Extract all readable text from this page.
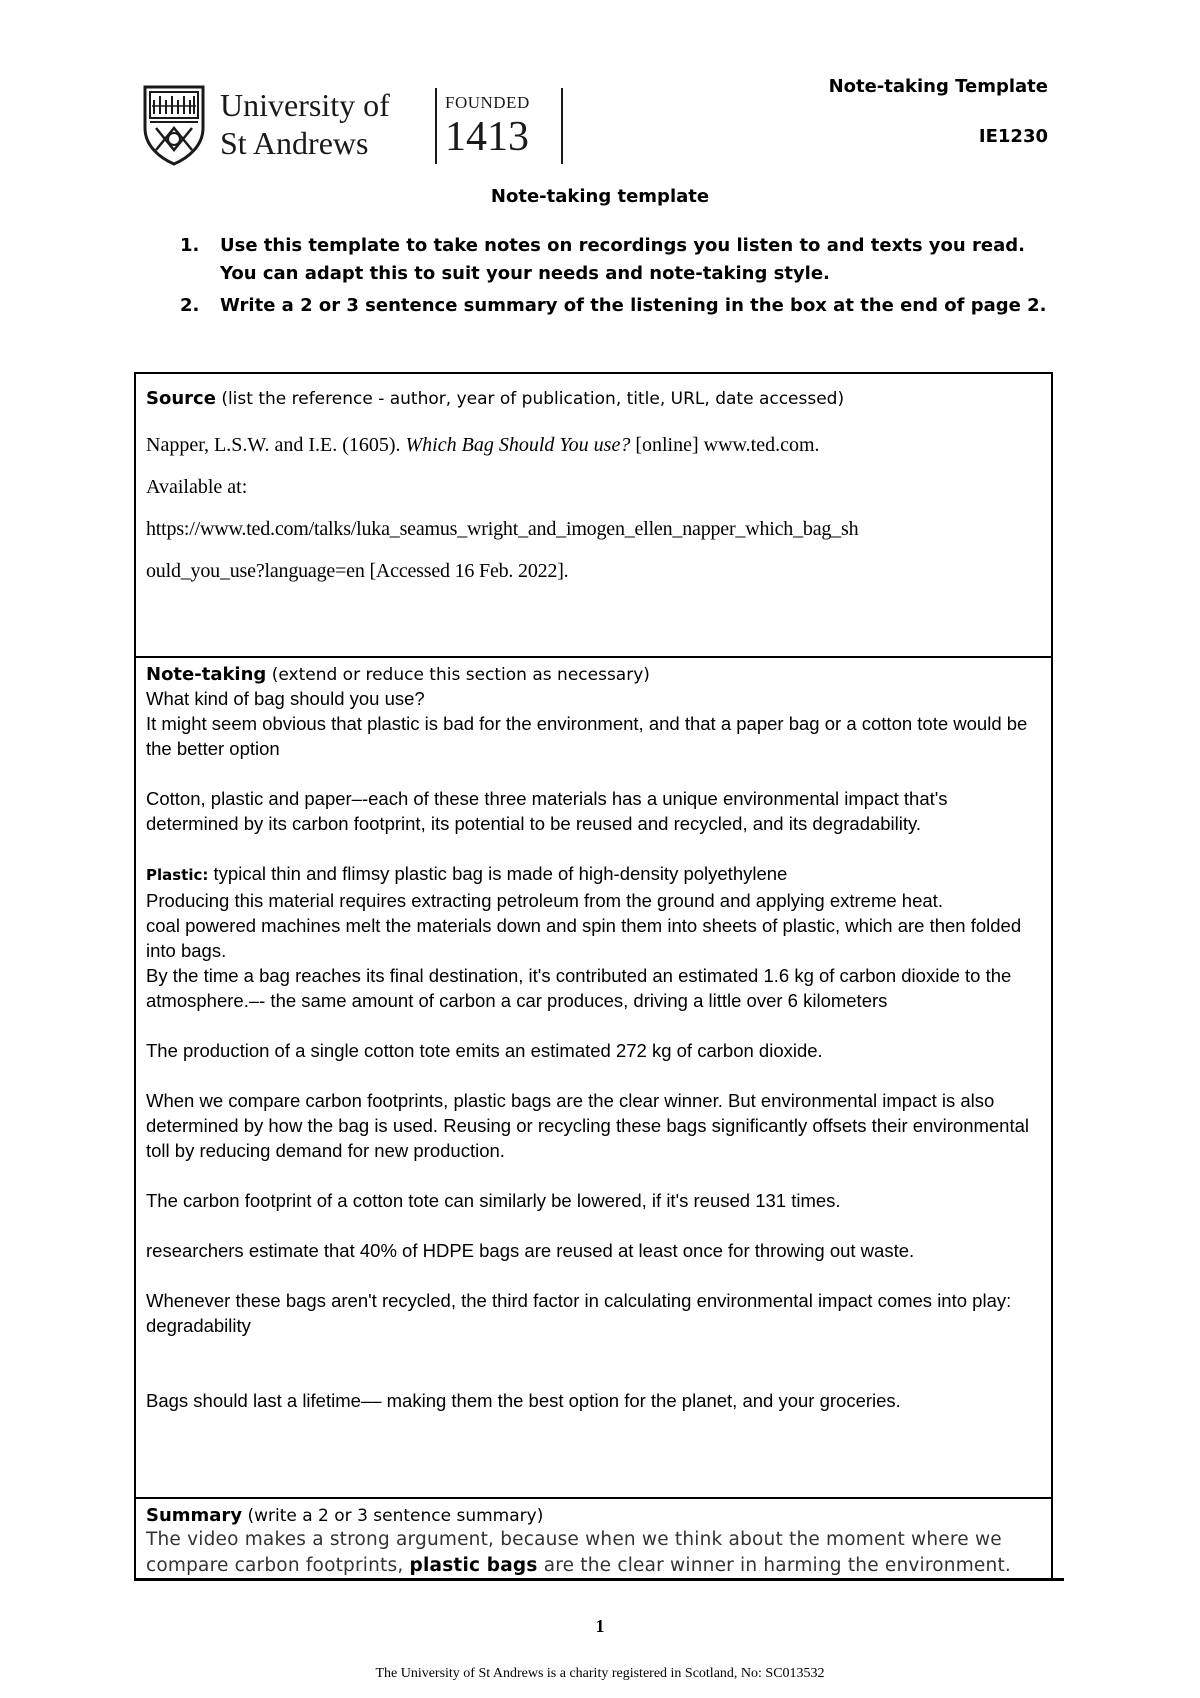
University of
St Andrews
FOUNDED
1413
Note-taking Template
IE1230
Note-taking template
1. Use this template to take notes on recordings you listen to and texts you read. You can adapt this to suit your needs and note-taking style.
2. Write a 2 or 3 sentence summary of the listening in the box at the end of page 2.
Source (list the reference - author, year of publication, title, URL, date accessed)
Napper, L.S.W. and I.E. (1605). Which Bag Should You use? [online] www.ted.com.
Available at:
https://www.ted.com/talks/luka_seamus_wright_and_imogen_ellen_napper_which_bag_sh
ould_you_use?language=en [Accessed 16 Feb. 2022].
Note-taking (extend or reduce this section as necessary)

What kind of bag should you use?

It might seem obvious that plastic is bad for the environment, and that a paper bag or a cotton tote would be the better option

Cotton, plastic and paper–-each of these three materials has a unique environmental impact that's determined by its carbon footprint, its potential to be reused and recycled, and its degradability.

Plastic: typical thin and flimsy plastic bag is made of high-density polyethylene

Producing this material requires extracting petroleum from the ground and applying extreme heat.

coal powered machines melt the materials down and spin them into sheets of plastic, which are then folded into bags.

By the time a bag reaches its final destination, it's contributed an estimated 1.6 kg of carbon dioxide to the atmosphere.–- the same amount of carbon a car produces, driving a little over 6 kilometers

The production of a single cotton tote emits an estimated 272 kg of carbon dioxide.

When we compare carbon footprints, plastic bags are the clear winner. But environmental impact is also determined by how the bag is used. Reusing or recycling these bags significantly offsets their environmental toll by reducing demand for new production.

The carbon footprint of a cotton tote can similarly be lowered, if it's reused 131 times.

researchers estimate that 40% of HDPE bags are reused at least once for throwing out waste.

Whenever these bags aren't recycled, the third factor in calculating environmental impact comes into play: degradability

Bags should last a lifetime–– making them the best option for the planet, and your groceries.

Summary (write a 2 or 3 sentence summary)
The video makes a strong argument, because when we think about the moment where we compare carbon footprints, plastic bags are the clear winner in harming the environment.
1
The University of St Andrews is a charity registered in Scotland, No: SC013532
